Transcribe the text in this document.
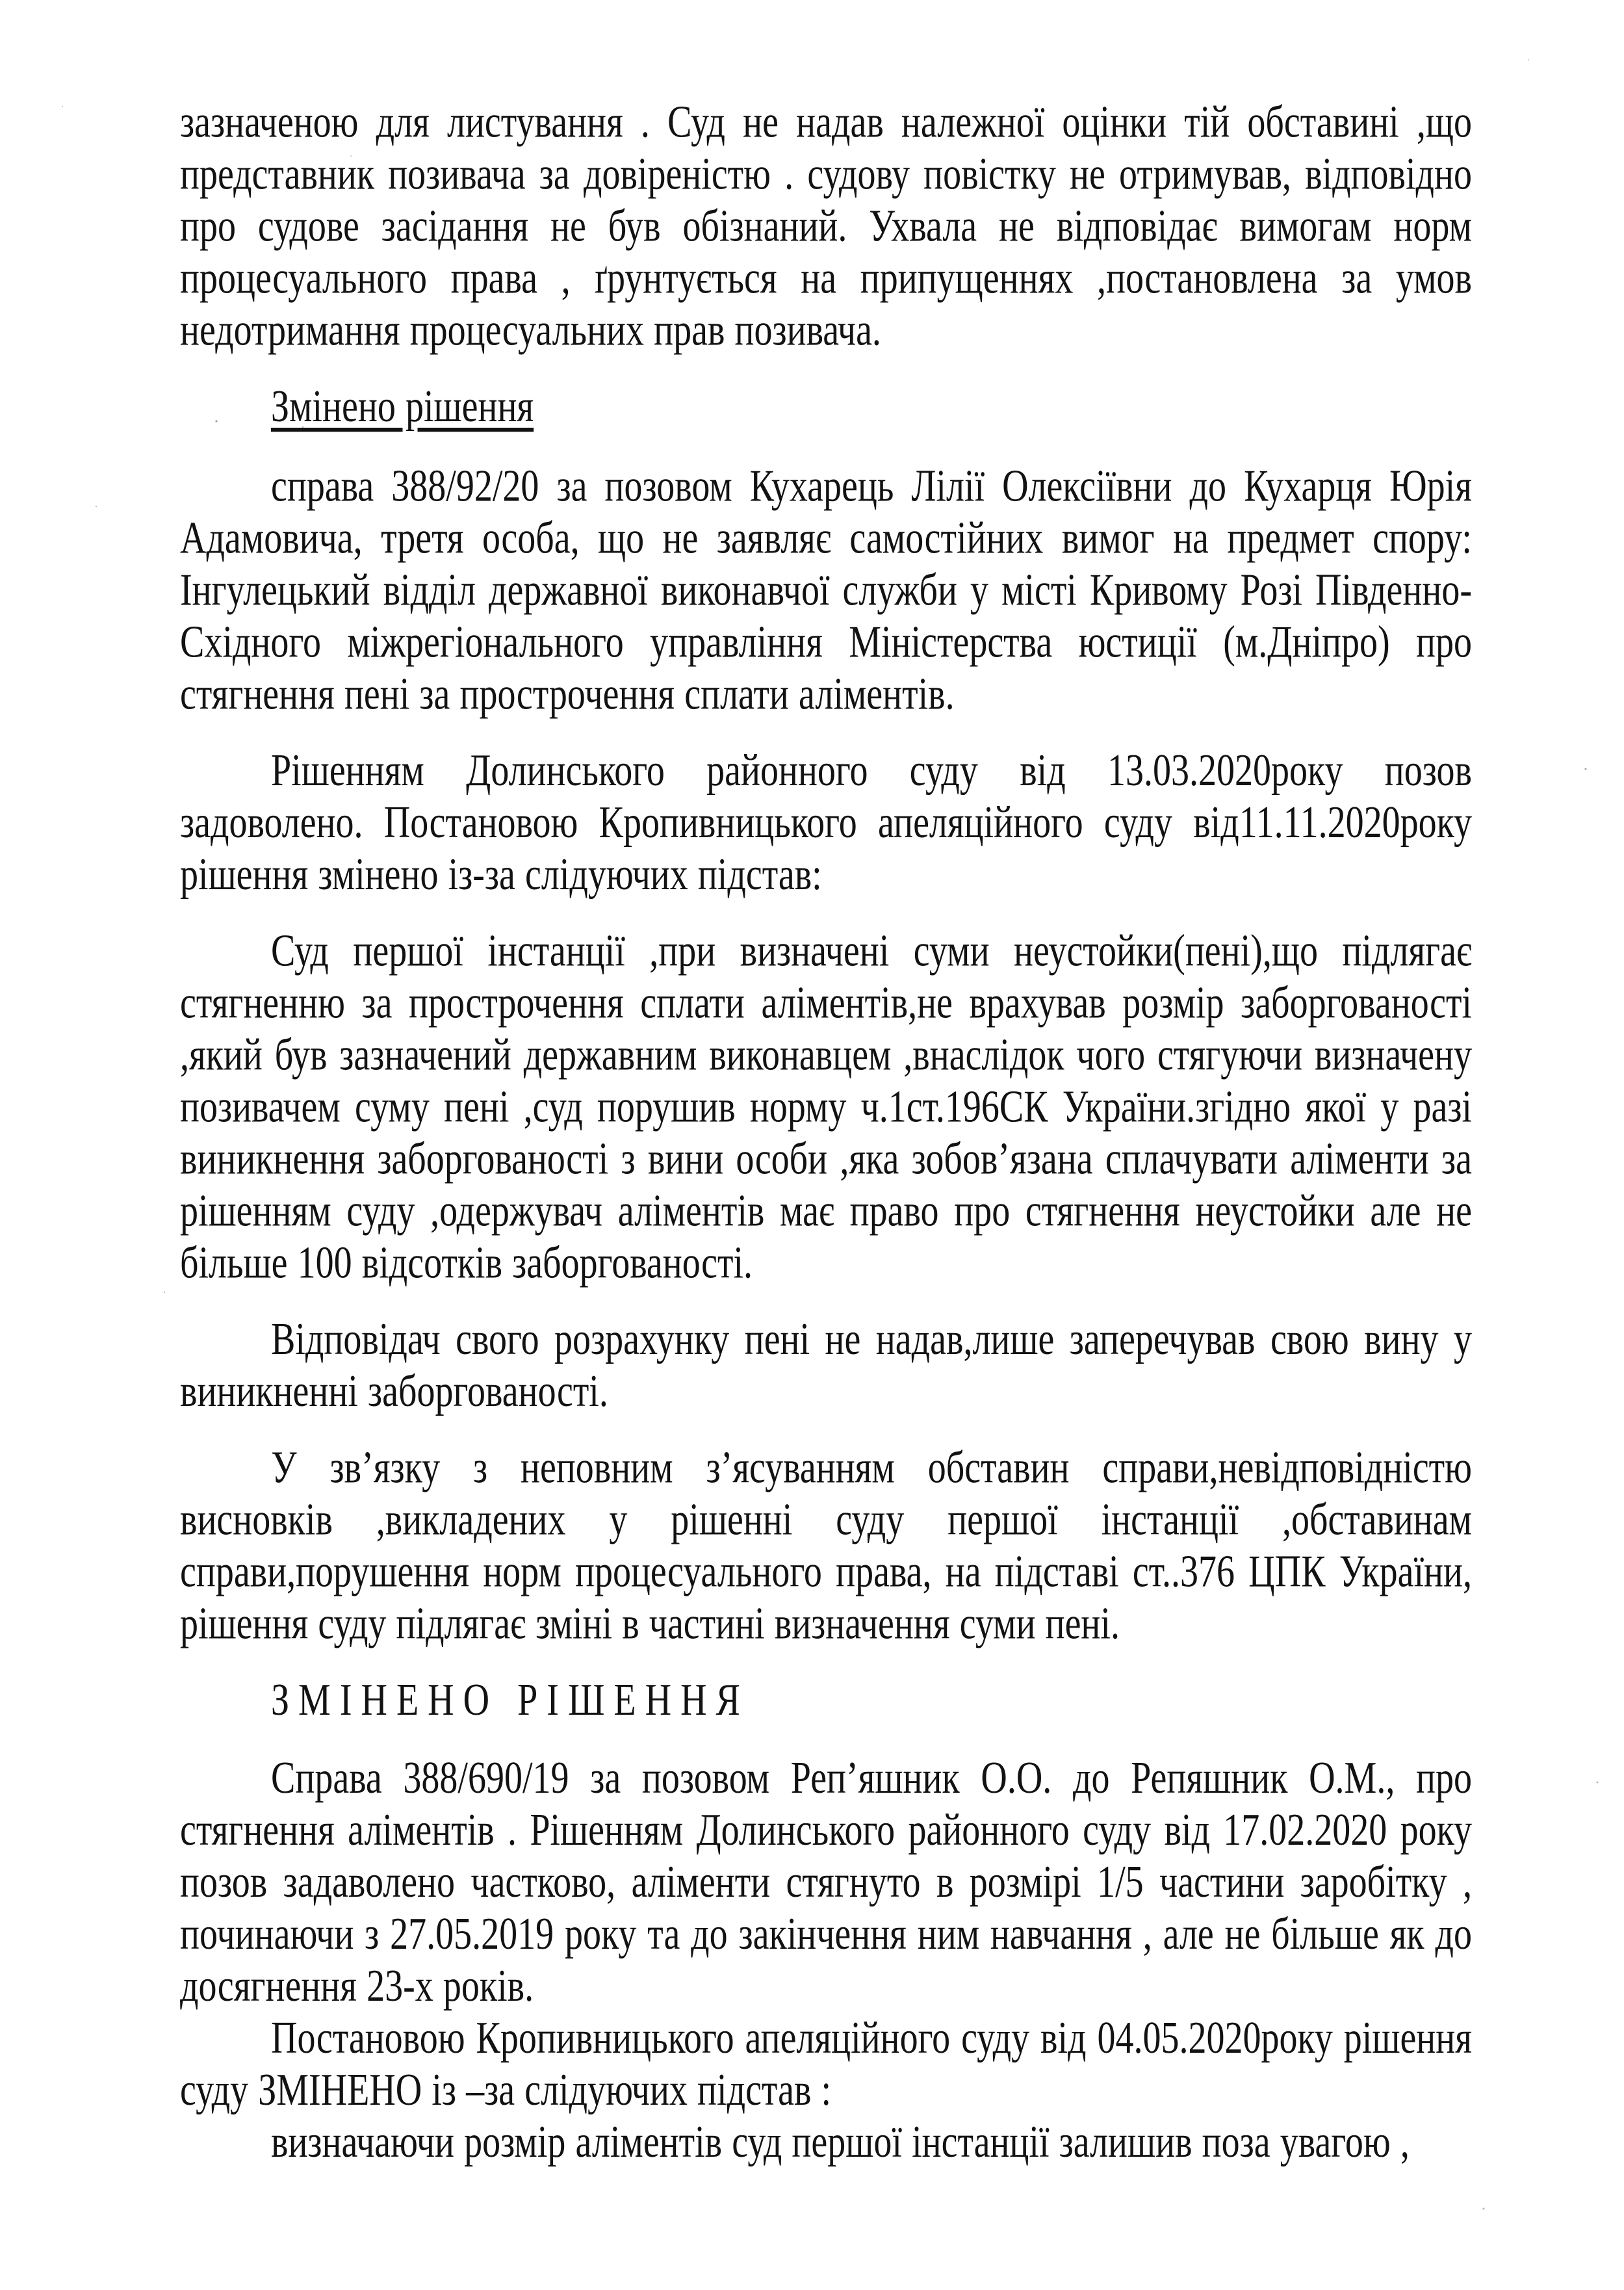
зазначеною для листування . Суд не надав належної оцінки тій обставині ,що представник позивача за довіреністю . судову повістку не отримував, відповідно про судове засідання не був обізнаний. Ухвала не відповідає вимогам норм процесуального права , ґрунтується на припущеннях ,постановлена за умов недотримання процесуальних прав позивача.

Змінено рішення

справа 388/92/20 за позовом Кухарець Лілії Олексіївни до Кухарця Юрія Адамовича, третя особа, що не заявляє самостійних вимог на предмет спору: Інгулецький відділ державної виконавчої служби у місті Кривому Розі Південно-Східного міжрегіонального управління Міністерства юстиції (м.Дніпро) про стягнення пені за прострочення сплати аліментів.

Рішенням Долинського районного суду від 13.03.2020року позов задоволено. Постановою Кропивницького апеляційного суду від11.11.2020року рішення змінено із-за слідуючих підстав:

Суд першої інстанції ,при визначені суми неустойки(пені),що підлягає стягненню за прострочення сплати аліментів,не врахував розмір заборгованості ,який був зазначений державним виконавцем ,внаслідок чого стягуючи визначену позивачем суму пені ,суд порушив норму ч.1ст.196СК України.згідно якої у разі виникнення заборгованості з вини особи ,яка зобов’язана сплачувати аліменти за рішенням суду ,одержувач аліментів має право про стягнення неустойки але не більше 100 відсотків заборгованості.

Відповідач свого розрахунку пені не надав,лише заперечував свою вину у виникненні заборгованості.

У зв’язку з неповним з’ясуванням обставин справи,невідповідністю висновків ,викладених у рішенні суду першої інстанції ,обставинам справи,порушення норм процесуального права, на підставі ст..376 ЦПК України, рішення суду підлягає зміні в частині визначення суми пені.

ЗМІНЕНО РІШЕННЯ

Справа 388/690/19 за позовом Реп’яшник О.О. до Репяшник О.М., про стягнення аліментів . Рішенням Долинського районного суду від 17.02.2020 року позов задаволено частково, аліменти стягнуто в розмірі 1/5 частини заробітку , починаючи з 27.05.2019 року та до закінчення ним навчання , але не більше як до досягнення 23-х років.

Постановою Кропивницького апеляційного суду від 04.05.2020року рішення суду ЗМІНЕНО із –за слідуючих підстав :

визначаючи розмір аліментів суд першої інстанції залишив поза увагою ,
